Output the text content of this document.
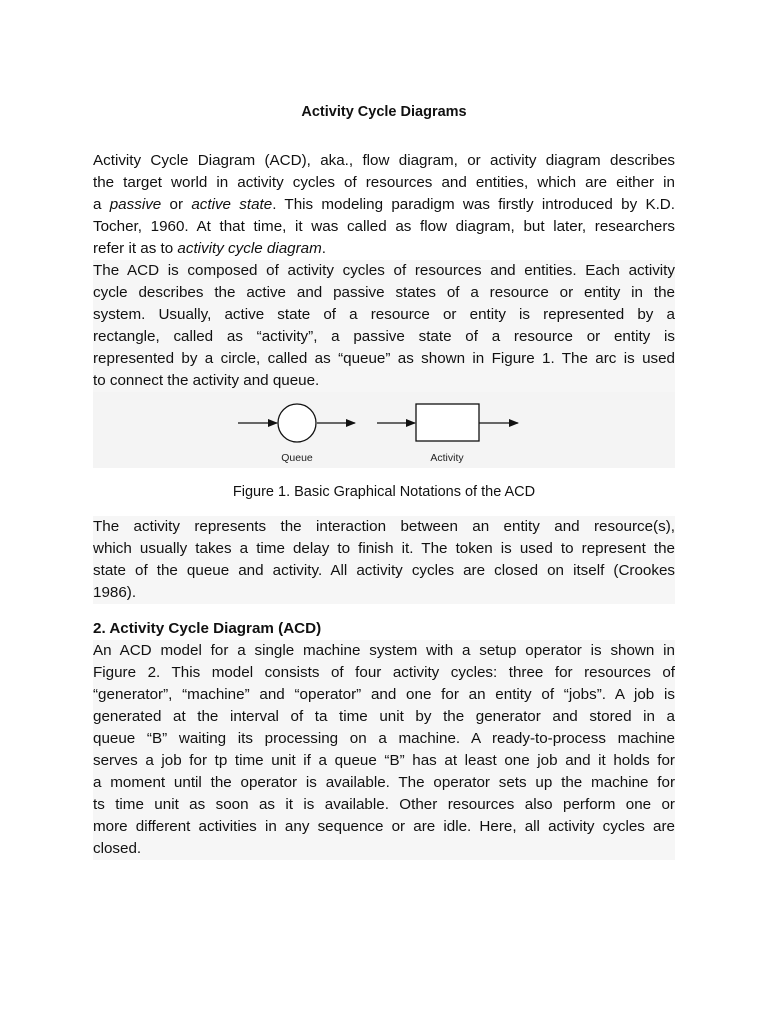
Activity Cycle Diagrams
Activity Cycle Diagram (ACD), aka., flow diagram, or activity diagram describes
the target world in activity cycles of resources and entities, which are either in
a passive or active state. This modeling paradigm was firstly introduced by K.D.
Tocher, 1960. At that time, it was called as flow diagram, but later, researchers
refer it as to activity cycle diagram.
The ACD is composed of activity cycles of resources and entities. Each activity
cycle describes the active and passive states of a resource or entity in the
system. Usually, active state of a resource or entity is represented by a
rectangle, called as “activity”, a passive state of a resource or entity is
represented by a circle, called as “queue” as shown in Figure 1. The arc is used
to connect the activity and queue.
Queue	Activity
Figure 1. Basic Graphical Notations of the ACD
The activity represents the interaction between an entity and resource(s),
which usually takes a time delay to finish it. The token is used to represent the
state of the queue and activity. All activity cycles are closed on itself (Crookes
1986).
2. Activity Cycle Diagram (ACD)
An ACD model for a single machine system with a setup operator is shown in
Figure 2. This model consists of four activity cycles: three for resources of
“generator”, “machine” and “operator” and one for an entity of “jobs”. A job is
generated at the interval of ta time unit by the generator and stored in a
queue “B” waiting its processing on a machine. A ready-to-process machine
serves a job for tp time unit if a queue “B” has at least one job and it holds for
a moment until the operator is available. The operator sets up the machine for
ts time unit as soon as it is available. Other resources also perform one or
more different activities in any sequence or are idle. Here, all activity cycles are
closed.
